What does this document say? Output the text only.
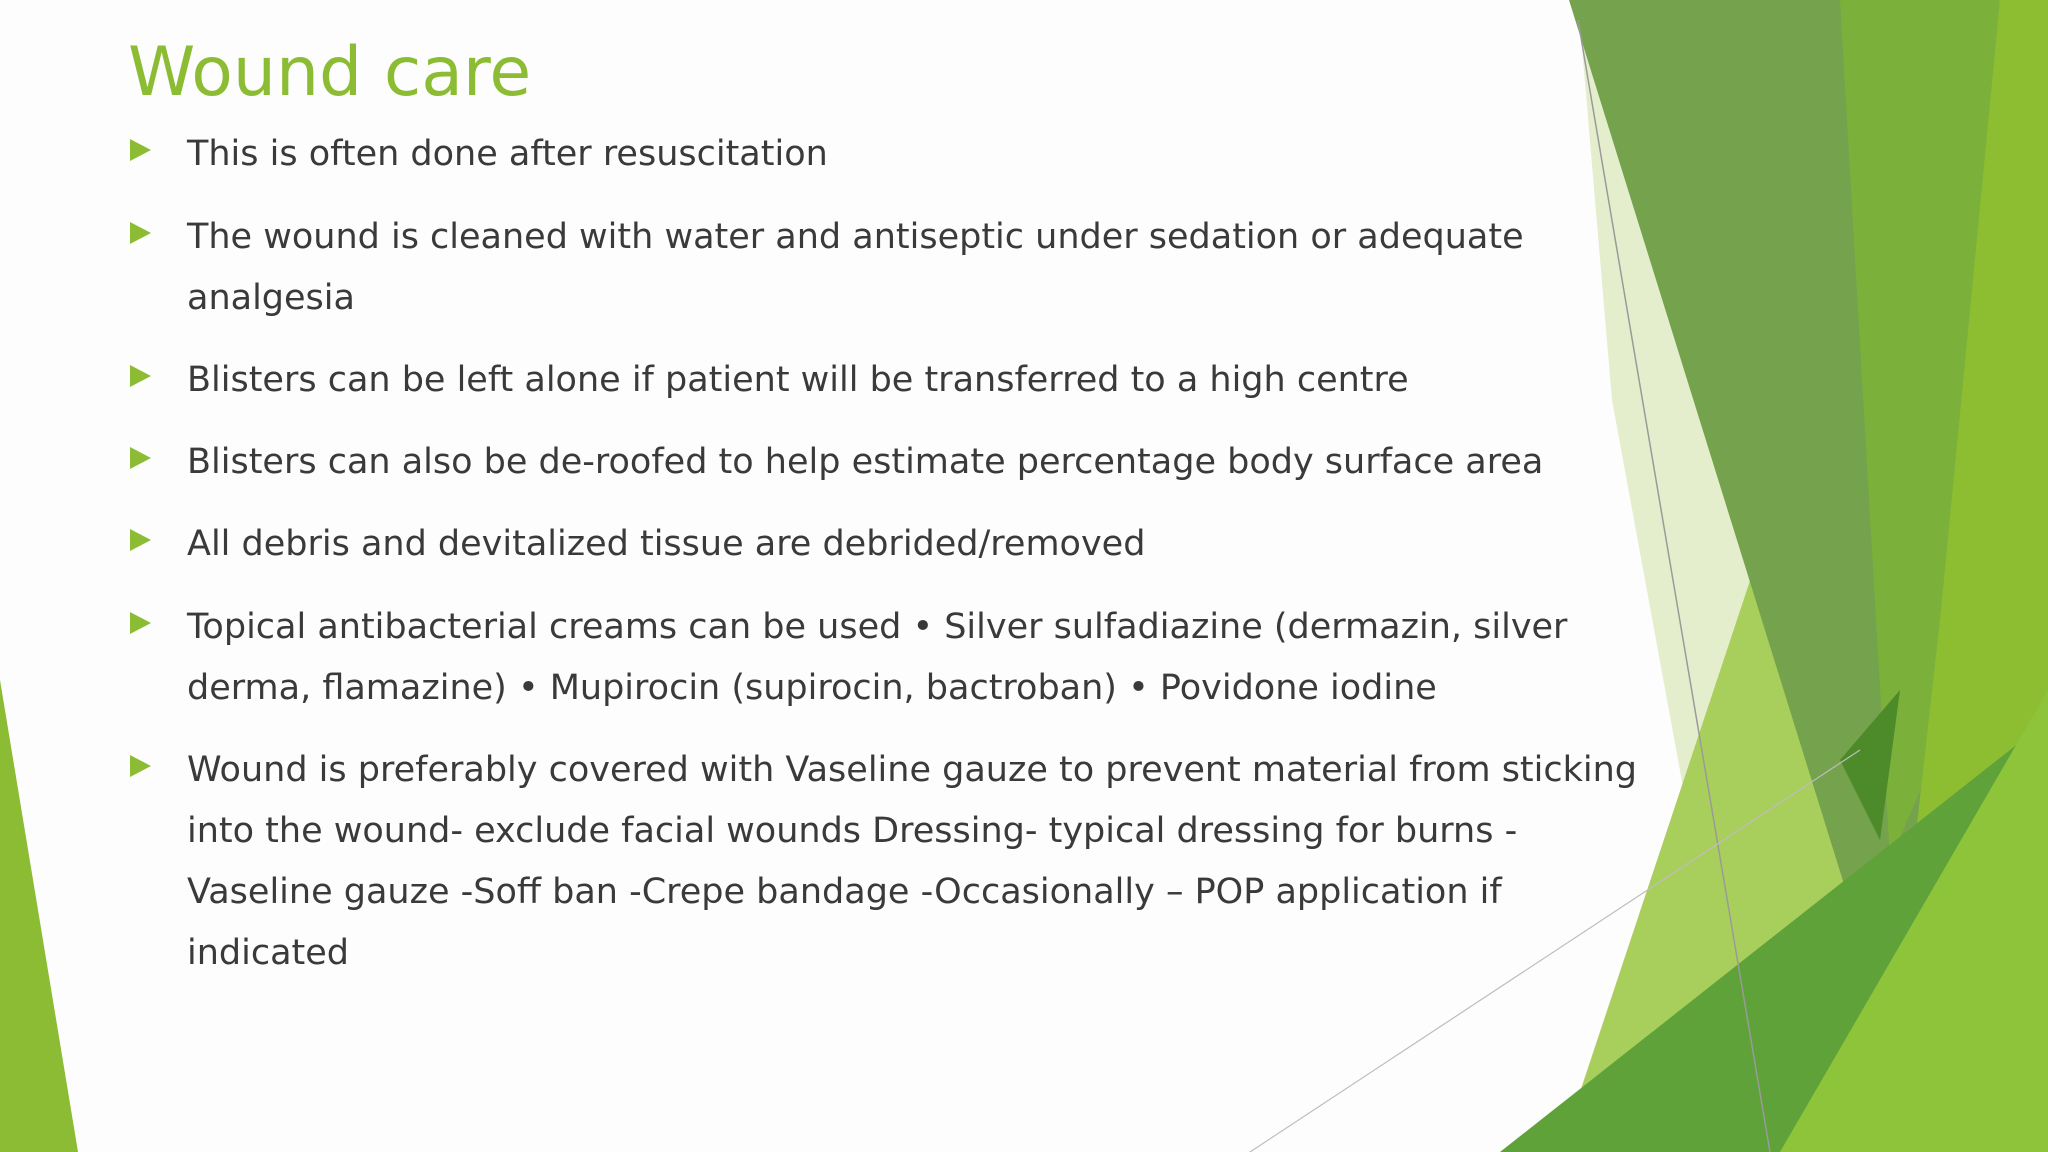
Wound care
This is often done after resuscitation
The wound is cleaned with water and antiseptic under sedation or adequate
analgesia
Blisters can be left alone if patient will be transferred to a high centre
Blisters can also be de-roofed to help estimate percentage body surface area
All debris and devitalized tissue are debrided/removed
Topical antibacterial creams can be used • Silver sulfadiazine (dermazin, silver
derma, flamazine) • Mupirocin (supirocin, bactroban) • Povidone iodine
Wound is preferably covered with Vaseline gauze to prevent material from sticking
into the wound- exclude facial wounds Dressing- typical dressing for burns -
Vaseline gauze -Soff ban -Crepe bandage -Occasionally – POP application if
indicated
